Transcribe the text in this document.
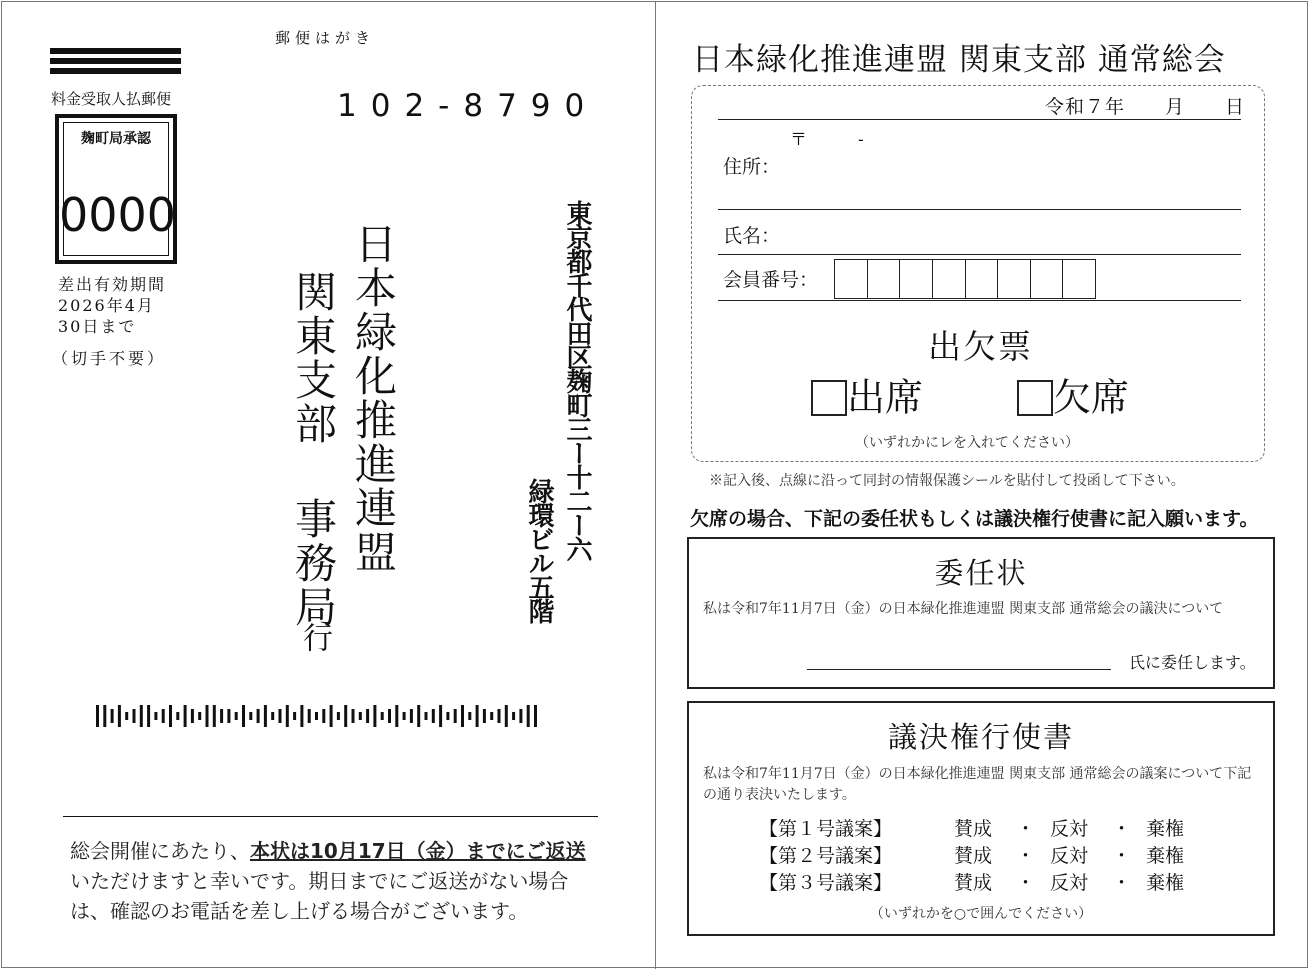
郵便はがき
料金受取人払郵便
麹町局承認
0000
差出有効期間
2026年4月
30日まで
（切手不要）
102-8790
東京都千代田区麹町三ー十二ー六
緑環ビル五階
日本緑化推進連盟
関東支部 事務局
行
総会開催にあたり、本状は10月17日（金）までにご返送いただけますと幸いです。期日までにご返送がない場合は、確認のお電話を差し上げる場合がございます。
日本緑化推進連盟 関東支部 通常総会
令和７年　　月　　日
〒　　　-
住所：
氏名：
会員番号：
出欠票
出席	欠席
（いずれかにレを入れてください）
※記入後、点線に沿って同封の情報保護シールを貼付して投函して下さい。
欠席の場合、下記の委任状もしくは議決権行使書に記入願います。
委任状
私は令和7年11月7日（金）の日本緑化推進連盟 関東支部 通常総会の議決について
氏に委任します。
議決権行使書
私は令和7年11月7日（金）の日本緑化推進連盟 関東支部 通常総会の議案について下記の通り表決いたします。
【第１号議案】	賛成	・ 反対	・ 棄権
【第２号議案】	賛成	・ 反対	・ 棄権
【第３号議案】	賛成	・ 反対	・ 棄権
（いずれかを○で囲んでください）
